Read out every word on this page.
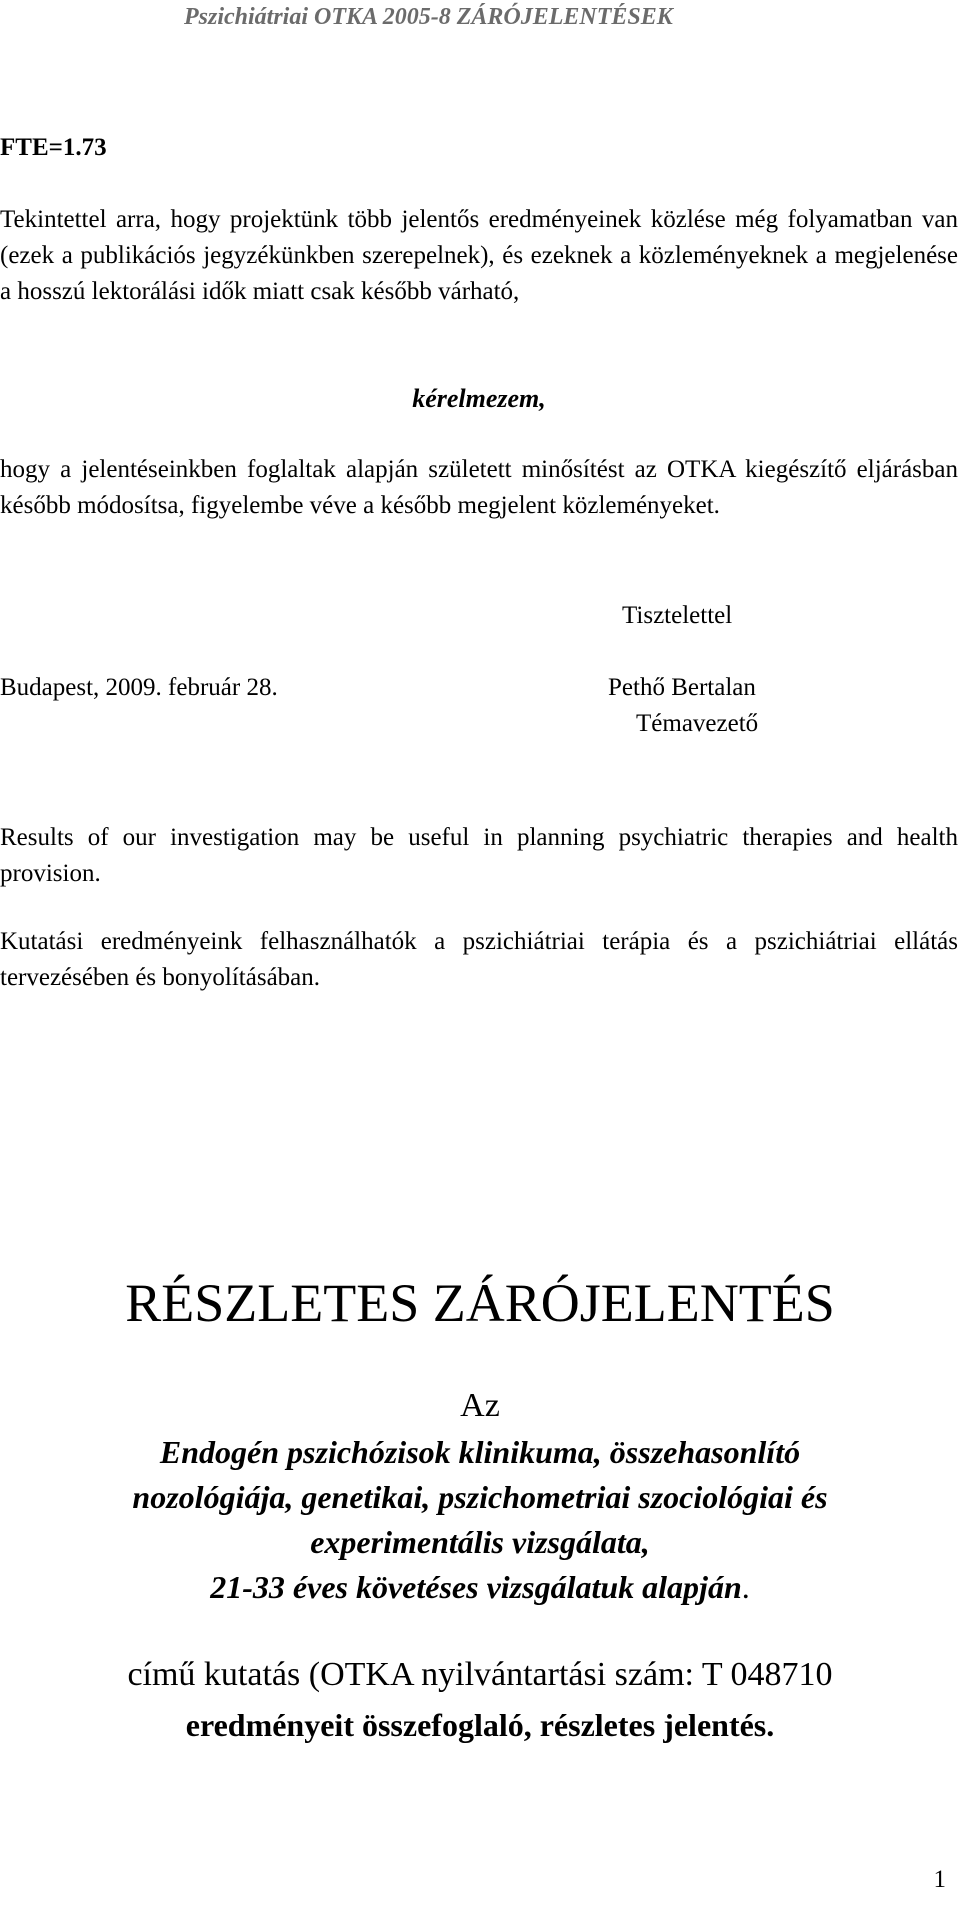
Pszichiátriai OTKA 2005-8 ZÁRÓJELENTÉSEK
FTE=1.73

Tekintettel arra, hogy projektünk több jelentős eredményeinek közlése még folyamatban van (ezek a publikációs jegyzékünkben szerepelnek), és ezeknek a közleményeknek a megjelenése a hosszú lektorálási idők miatt csak később várható,

kérelmezem,

hogy a jelentéseinkben foglaltak alapján született minősítést az OTKA kiegészítő eljárásban később módosítsa, figyelembe véve a később megjelent közleményeket.

Tisztelettel
Budapest, 2009. február 28.	Pethő Bertalan
Témavezető

Results of our investigation may be useful in planning psychiatric therapies and health provision.

Kutatási eredményeink felhasználhatók a pszichiátriai terápia és a pszichiátriai ellátás tervezésében és bonyolításában.

RÉSZLETES ZÁRÓJELENTÉS
Az
Endogén pszichózisok klinikuma, összehasonlító
nozológiája, genetikai, pszichometriai szociológiai és
experimentális vizsgálata,
21-33 éves követéses vizsgálatuk alapján.
című kutatás (OTKA nyilvántartási szám: T 048710
eredményeit összefoglaló, részletes jelentés.
1
